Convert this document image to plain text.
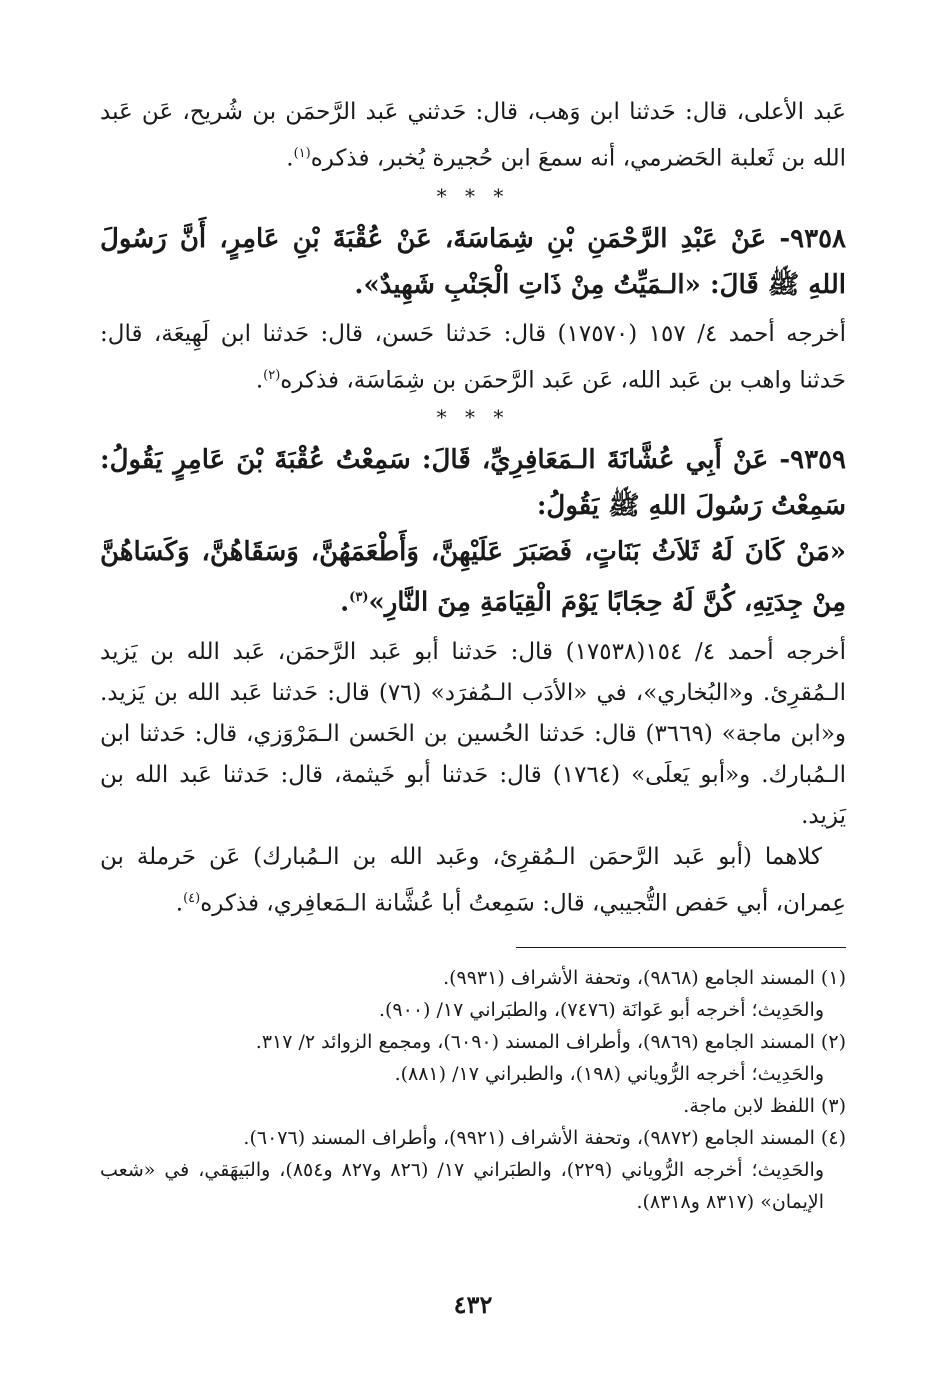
عَبد الأعلى، قال: حَدثنا ابن وَهب، قال: حَدثني عَبد الرَّحمَن بن شُريح، عَن عَبد الله بن ثَعلبة الحَضرمي، أنه سمعَ ابن حُجيرة يُخبر، فذكره$^{(١)}$.

* * *

٩٣٥٨- عَنْ عَبْدِ الرَّحْمَنِ بْنِ شِمَاسَةَ، عَنْ عُقْبَةَ بْنِ عَامِرٍ، أَنَّ رَسُولَ اللهِ ﷺ قَالَ: «الـمَيِّتُ مِنْ ذَاتِ الْجَنْبِ شَهِيدٌ».

أخرجه أحمد ٤/ ١٥٧ (١٧٥٧٠) قال: حَدثنا حَسن، قال: حَدثنا ابن لَهِيعَة، قال: حَدثنا واهب بن عَبد الله، عَن عَبد الرَّحمَن بن شِمَاسَة، فذكره$^{(٢)}$.

* * *

٩٣٥٩- عَنْ أَبِي عُشَّانَةَ الـمَعَافِرِيِّ، قَالَ: سَمِعْتُ عُقْبَةَ بْنَ عَامِرٍ يَقُولُ: سَمِعْتُ رَسُولَ اللهِ ﷺ يَقُولُ:

«مَنْ كَانَ لَهُ ثَلاَثُ بَنَاتٍ، فَصَبَرَ عَلَيْهِنَّ، وَأَطْعَمَهُنَّ، وَسَقَاهُنَّ، وَكَسَاهُنَّ مِنْ جِدَتِهِ، كُنَّ لَهُ حِجَابًا يَوْمَ الْقِيَامَةِ مِنَ النَّارِ»$^{(٣)}$.

أخرجه أحمد ٤/ ١٥٤(١٧٥٣٨) قال: حَدثنا أبو عَبد الرَّحمَن، عَبد الله بن يَزيد الـمُقرِئ. و«البُخاري»، في «الأدَب الـمُفرَد» (٧٦) قال: حَدثنا عَبد الله بن يَزيد. و«ابن ماجة» (٣٦٦٩) قال: حَدثنا الحُسين بن الحَسن الـمَرْوَزي، قال: حَدثنا ابن الـمُبارك. و«أبو يَعلَى» (١٧٦٤) قال: حَدثنا أبو خَيثمة، قال: حَدثنا عَبد الله بن يَزيد.

كلاهما (أبو عَبد الرَّحمَن الـمُقرِئ، وعَبد الله بن الـمُبارك) عَن حَرملة بن عِمران، أبي حَفص التُّجيبي، قال: سَمِعتُ أبا عُشَّانة الـمَعافِري، فذكره$^{(٤)}$.

(١) المسند الجامع (٩٨٦٨)، وتحفة الأشراف (٩٩٣١).

والحَدِيث؛ أخرجه أبو عَوانَة (٧٤٧٦)، والطبَراني ١٧/ (٩٠٠).

(٢) المسند الجامع (٩٨٦٩)، وأطراف المسند (٦٠٩٠)، ومجمع الزوائد ٢/ ٣١٧.

والحَدِيث؛ أخرجه الرُّوياني (١٩٨)، والطبراني ١٧/ (٨٨١).

(٣) اللفظ لابن ماجة.

(٤) المسند الجامع (٩٨٧٢)، وتحفة الأشراف (٩٩٢١)، وأطراف المسند (٦٠٧٦).

والحَدِيث؛ أخرجه الرُّوياني (٢٢٩)، والطبَراني ١٧/ (٨٢٦ و٨٢٧ و٨٥٤)، والبَيهَقي، في «شعب الإيمان» (٨٣١٧ و٨٣١٨).

٤٣٢
